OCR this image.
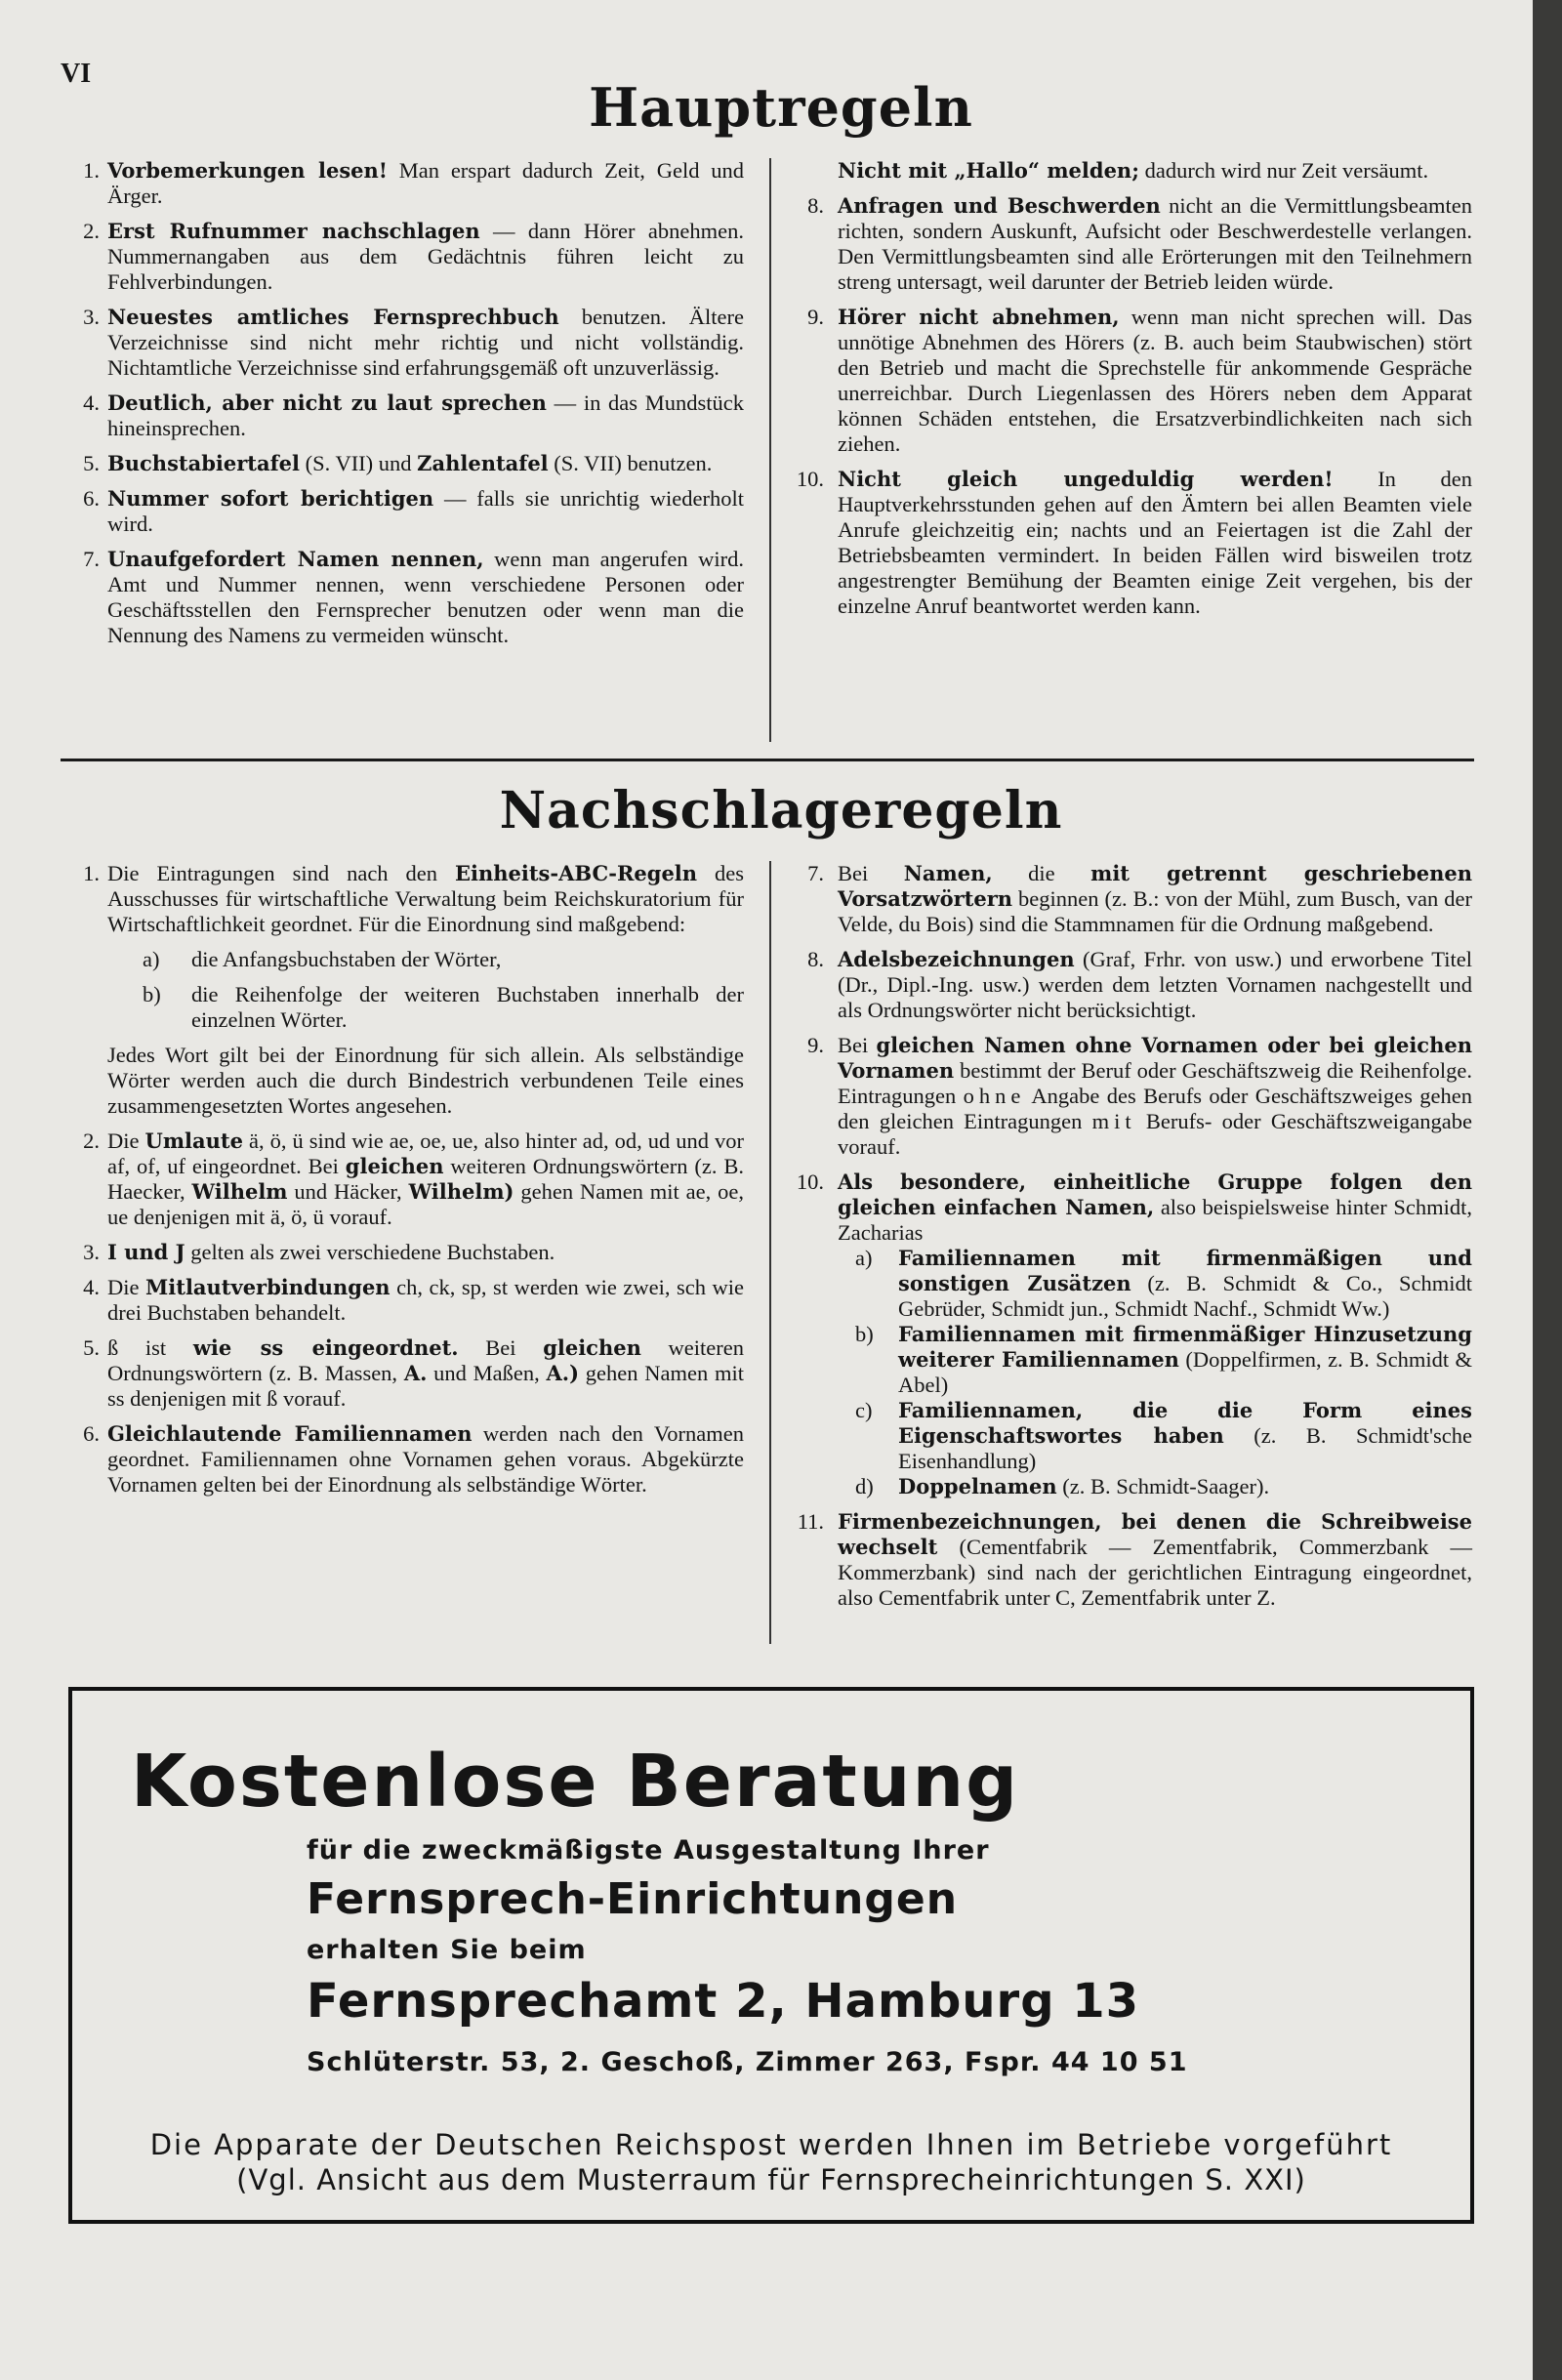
VI
Hauptregeln
1. Vorbemerkungen lesen! Man erspart dadurch Zeit, Geld und Ärger.
2. Erst Rufnummer nachschlagen — dann Hörer abnehmen. Nummernangaben aus dem Gedächtnis führen leicht zu Fehlverbindungen.
3. Neuestes amtliches Fernsprechbuch benutzen. Ältere Verzeichnisse sind nicht mehr richtig und nicht vollständig. Nichtamtliche Verzeichnisse sind erfahrungsgemäß oft unzuverlässig.
4. Deutlich, aber nicht zu laut sprechen — in das Mundstück hineinsprechen.
5. Buchstabiertafel (S. VII) und Zahlentafel (S. VII) benutzen.
6. Nummer sofort berichtigen — falls sie unrichtig wiederholt wird.
7. Unaufgefordert Namen nennen, wenn man angerufen wird. Amt und Nummer nennen, wenn verschiedene Personen oder Geschäftsstellen den Fernsprecher benutzen oder wenn man die Nennung des Namens zu vermeiden wünscht.
Nicht mit „Hallo“ melden; dadurch wird nur Zeit versäumt.
8. Anfragen und Beschwerden nicht an die Vermittlungsbeamten richten, sondern Auskunft, Aufsicht oder Beschwerdestelle verlangen. Den Vermittlungsbeamten sind alle Erörterungen mit den Teilnehmern streng untersagt, weil darunter der Betrieb leiden würde.
9. Hörer nicht abnehmen, wenn man nicht sprechen will. Das unnötige Abnehmen des Hörers (z. B. auch beim Staubwischen) stört den Betrieb und macht die Sprechstelle für ankommende Gespräche unerreichbar. Durch Liegenlassen des Hörers neben dem Apparat können Schäden entstehen, die Ersatzverbindlichkeiten nach sich ziehen.
10. Nicht gleich ungeduldig werden! In den Hauptverkehrsstunden gehen auf den Ämtern bei allen Beamten viele Anrufe gleichzeitig ein; nachts und an Feiertagen ist die Zahl der Betriebsbeamten vermindert. In beiden Fällen wird bisweilen trotz angestrengter Bemühung der Beamten einige Zeit vergehen, bis der einzelne Anruf beantwortet werden kann.
Nachschlageregeln
1. Die Eintragungen sind nach den Einheits-ABC-Regeln des Ausschusses für wirtschaftliche Verwaltung beim Reichskuratorium für Wirtschaftlichkeit geordnet. Für die Einordnung sind maßgebend:

a) die Anfangsbuchstaben der Wörter,

b) die Reihenfolge der weiteren Buchstaben innerhalb der einzelnen Wörter.

Jedes Wort gilt bei der Einordnung für sich allein. Als selbständige Wörter werden auch die durch Bindestrich verbundenen Teile eines zusammengesetzten Wortes angesehen.

2. Die Umlaute ä, ö, ü sind wie ae, oe, ue, also hinter ad, od, ud und vor af, of, uf eingeordnet. Bei gleichen weiteren Ordnungswörtern (z. B. Haecker, Wilhelm und Häcker, Wilhelm) gehen Namen mit ae, oe, ue denjenigen mit ä, ö, ü vorauf.
3. I und J gelten als zwei verschiedene Buchstaben.
4. Die Mitlautverbindungen ch, ck, sp, st werden wie zwei, sch wie drei Buchstaben behandelt.
5. ß ist wie ss eingeordnet. Bei gleichen weiteren Ordnungswörtern (z. B. Massen, A. und Maßen, A.) gehen Namen mit ss denjenigen mit ß vorauf.
6. Gleichlautende Familiennamen werden nach den Vornamen geordnet. Familiennamen ohne Vornamen gehen voraus. Abgekürzte Vornamen gelten bei der Einordnung als selbständige Wörter.
7. Bei Namen, die mit getrennt geschriebenen Vorsatzwörtern beginnen (z. B.: von der Mühl, zum Busch, van der Velde, du Bois) sind die Stammnamen für die Ordnung maßgebend.
8. Adelsbezeichnungen (Graf, Frhr. von usw.) und erworbene Titel (Dr., Dipl.-Ing. usw.) werden dem letzten Vornamen nachgestellt und als Ordnungswörter nicht berücksichtigt.
9. Bei gleichen Namen ohne Vornamen oder bei gleichen Vornamen bestimmt der Beruf oder Geschäftszweig die Reihenfolge. Eintragungen ohne Angabe des Berufs oder Geschäftszweiges gehen den gleichen Eintragungen mit Berufs- oder Geschäftszweigangabe vorauf.
10. Als besondere, einheitliche Gruppe folgen den gleichen einfachen Namen, also beispielsweise hinter Schmidt, Zacharias

a) Familiennamen mit firmenmäßigen und sonstigen Zusätzen (z. B. Schmidt & Co., Schmidt Gebrüder, Schmidt jun., Schmidt Nachf., Schmidt Ww.)

b) Familiennamen mit firmenmäßiger Hinzusetzung weiterer Familiennamen (Doppelfirmen, z. B. Schmidt & Abel)

c) Familiennamen, die die Form eines Eigenschaftswortes haben (z. B. Schmidt'sche Eisenhandlung)

d) Doppelnamen (z. B. Schmidt-Saager).

11. Firmenbezeichnungen, bei denen die Schreibweise wechselt (Cementfabrik — Zementfabrik, Commerzbank — Kommerzbank) sind nach der gerichtlichen Eintragung eingeordnet, also Cementfabrik unter C, Zementfabrik unter Z.
Kostenlose Beratung
für die zweckmäßigste Ausgestaltung Ihrer
Fernsprech-Einrichtungen
erhalten Sie beim
Fernsprechamt 2, Hamburg 13
Schlüterstr. 53, 2. Geschoß, Zimmer 263, Fspr. 44 10 51
Die Apparate der Deutschen Reichspost werden Ihnen im Betriebe vorgeführt
(Vgl. Ansicht aus dem Musterraum für Fernsprecheinrichtungen S. XXI)
